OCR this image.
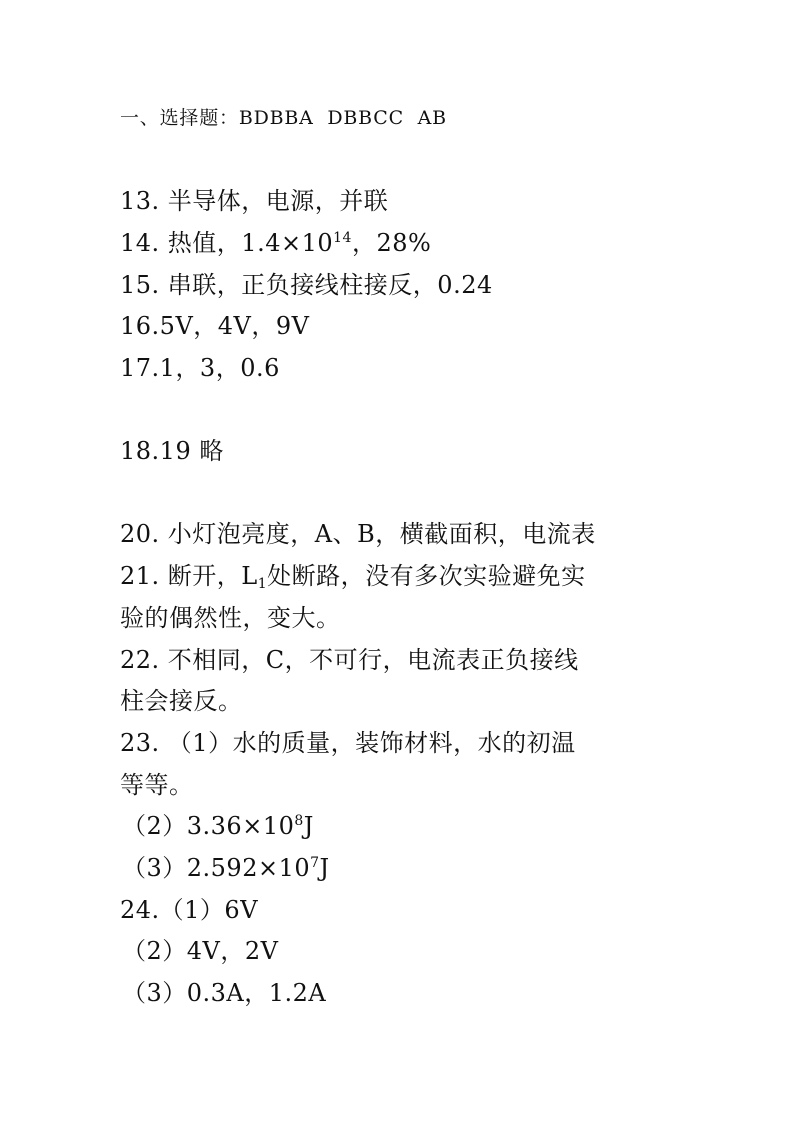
一、选择题：BDBBA  DBBCC  AB
13. 半导体，电源，并联
14. 热值，$1.4\times 10^{14}$，28%
15. 串联，正负接线柱接反，0.24
16.5V，4V，9V
17.1，3，0.6
18.19 略
20. 小灯泡亮度，A、B，横截面积，电流表
21. 断开，$L_1$处断路，没有多次实验避免实
验的偶然性，变大。
22. 不相同，C，不可行，电流表正负接线
柱会接反。
23. （1）水的质量，装饰材料，水的初温
等等。
$(2)3.36\times 10^8J$
$(3)2.592\times 10^7J$
24.（1）6V
（2）4V，2V
（3）0.3A，1.2A
